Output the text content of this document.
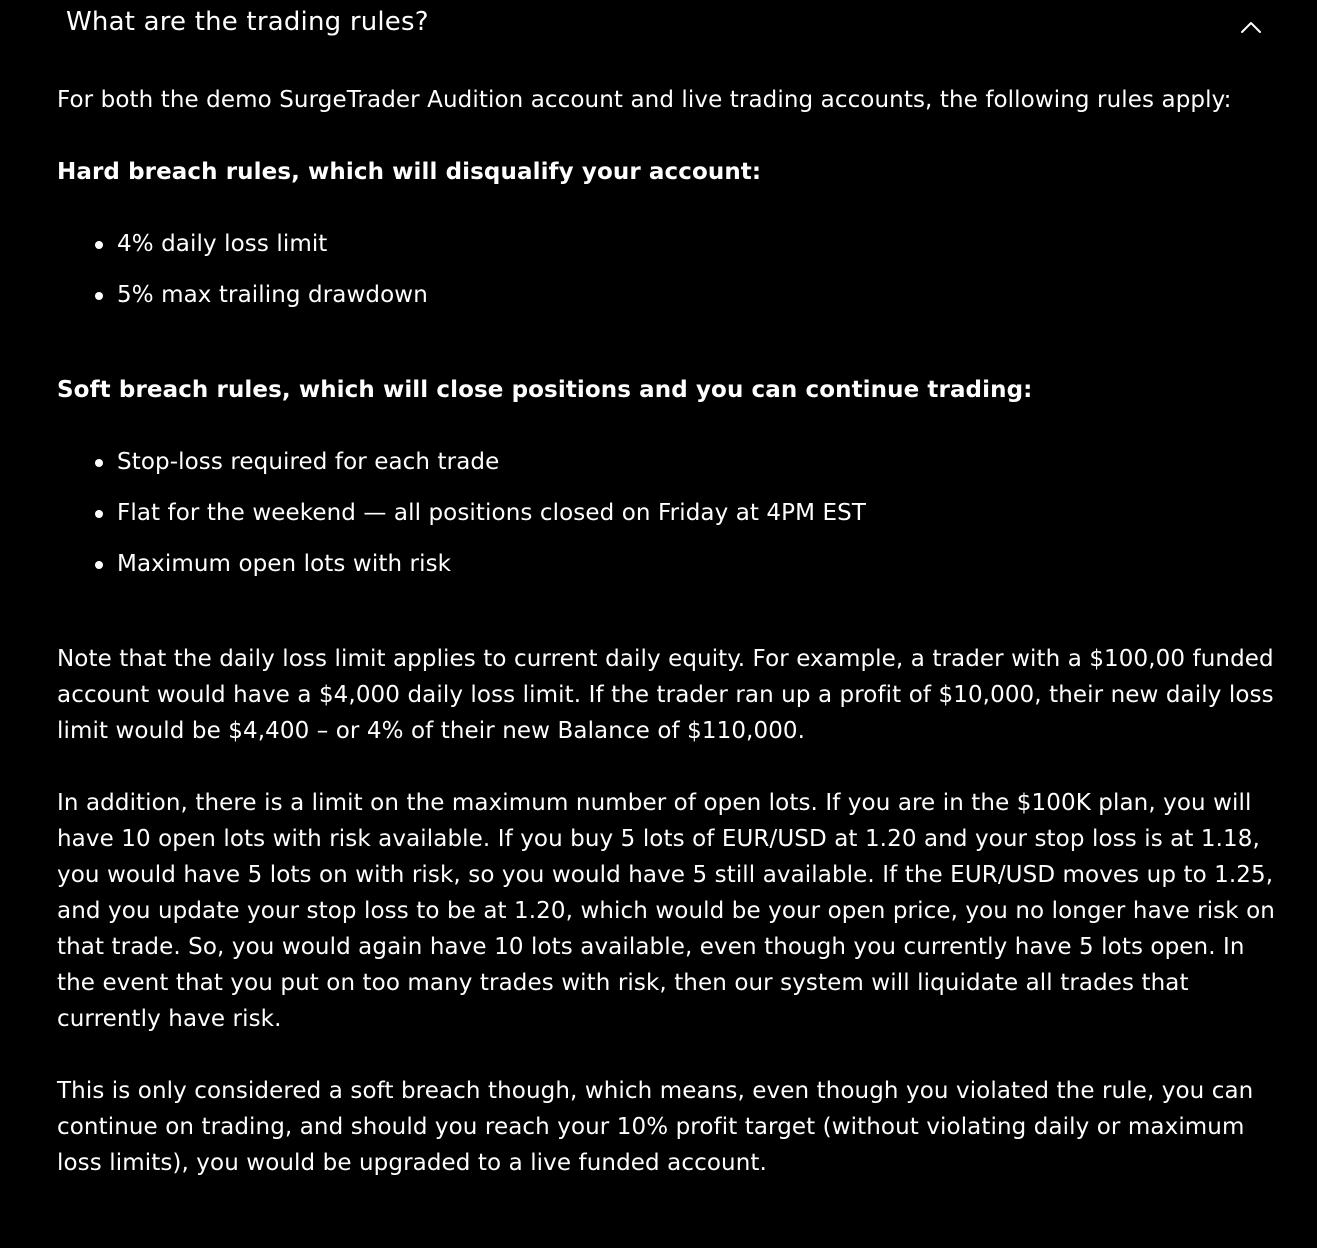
What are the trading rules?

For both the demo SurgeTrader Audition account and live trading accounts, the following rules apply:

Hard breach rules, which will disqualify your account:

4% daily loss limit
5% max trailing drawdown

Soft breach rules, which will close positions and you can continue trading:

Stop-loss required for each trade
Flat for the weekend — all positions closed on Friday at 4PM EST
Maximum open lots with risk

Note that the daily loss limit applies to current daily equity. For example, a trader with a $100,00 funded account would have a $4,000 daily loss limit. If the trader ran up a profit of $10,000, their new daily loss limit would be $4,400 – or 4% of their new Balance of $110,000.

In addition, there is a limit on the maximum number of open lots. If you are in the $100K plan, you will have 10 open lots with risk available. If you buy 5 lots of EUR/USD at 1.20 and your stop loss is at 1.18, you would have 5 lots on with risk, so you would have 5 still available. If the EUR/USD moves up to 1.25, and you update your stop loss to be at 1.20, which would be your open price, you no longer have risk on that trade. So, you would again have 10 lots available, even though you currently have 5 lots open. In the event that you put on too many trades with risk, then our system will liquidate all trades that currently have risk.

This is only considered a soft breach though, which means, even though you violated the rule, you can continue on trading, and should you reach your 10% profit target (without violating daily or maximum loss limits), you would be upgraded to a live funded account.
